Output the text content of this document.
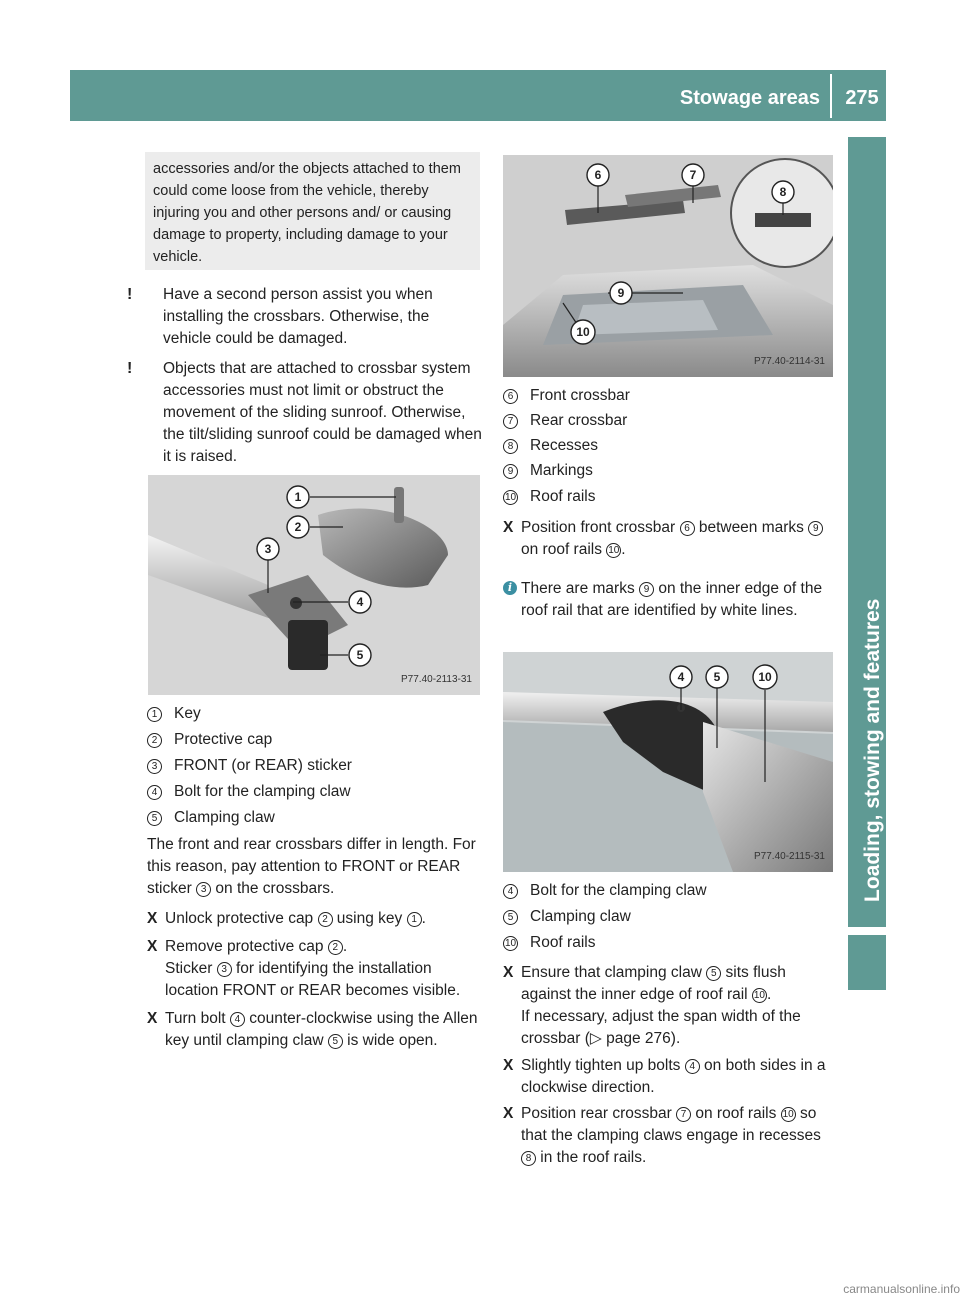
Stowage areas	275
Loading, stowing and features
accessories and/or the objects attached to them could come loose from the vehicle, thereby injuring you and other persons and/ or causing damage to property, including damage to your vehicle.
! Have a second person assist you when installing the crossbars. Otherwise, the vehicle could be damaged.
! Objects that are attached to crossbar system accessories must not limit or obstruct the movement of the sliding sunroof. Otherwise, the tilt/sliding sunroof could be damaged when it is raised.
1
2
3
4
5
P77.40-2113-31
1 Key
2 Protective cap
3 FRONT (or REAR) sticker
4 Bolt for the clamping claw
5 Clamping claw
The front and rear crossbars differ in length. For this reason, pay attention to FRONT or REAR sticker 3 on the crossbars.
X Unlock protective cap 2 using key 1 .
X Remove protective cap 2 .
Sticker 3 for identifying the installation location FRONT or REAR becomes visible.
X Turn bolt 4 counter-clockwise using the Allen key until clamping claw 5 is wide open.
6	7
8
9
10
P77.40-2114-31
6 Front crossbar
7 Rear crossbar
8 Recesses
9 Markings
10 Roof rails
X Position front crossbar 6 between marks 9 on roof rails 10 .
i There are marks 9 on the inner edge of the roof rail that are identified by white lines.
4 5	10
P77.40-2115-31
4 Bolt for the clamping claw
5 Clamping claw
10 Roof rails
X Ensure that clamping claw 5 sits flush against the inner edge of roof rail 10 .
If necessary, adjust the span width of the crossbar (▷ page 276).
X Slightly tighten up bolts 4 on both sides in a clockwise direction.
X Position rear crossbar 7 on roof rails 10 so that the clamping claws engage in recesses 8 in the roof rails.
carmanualsonline.info
